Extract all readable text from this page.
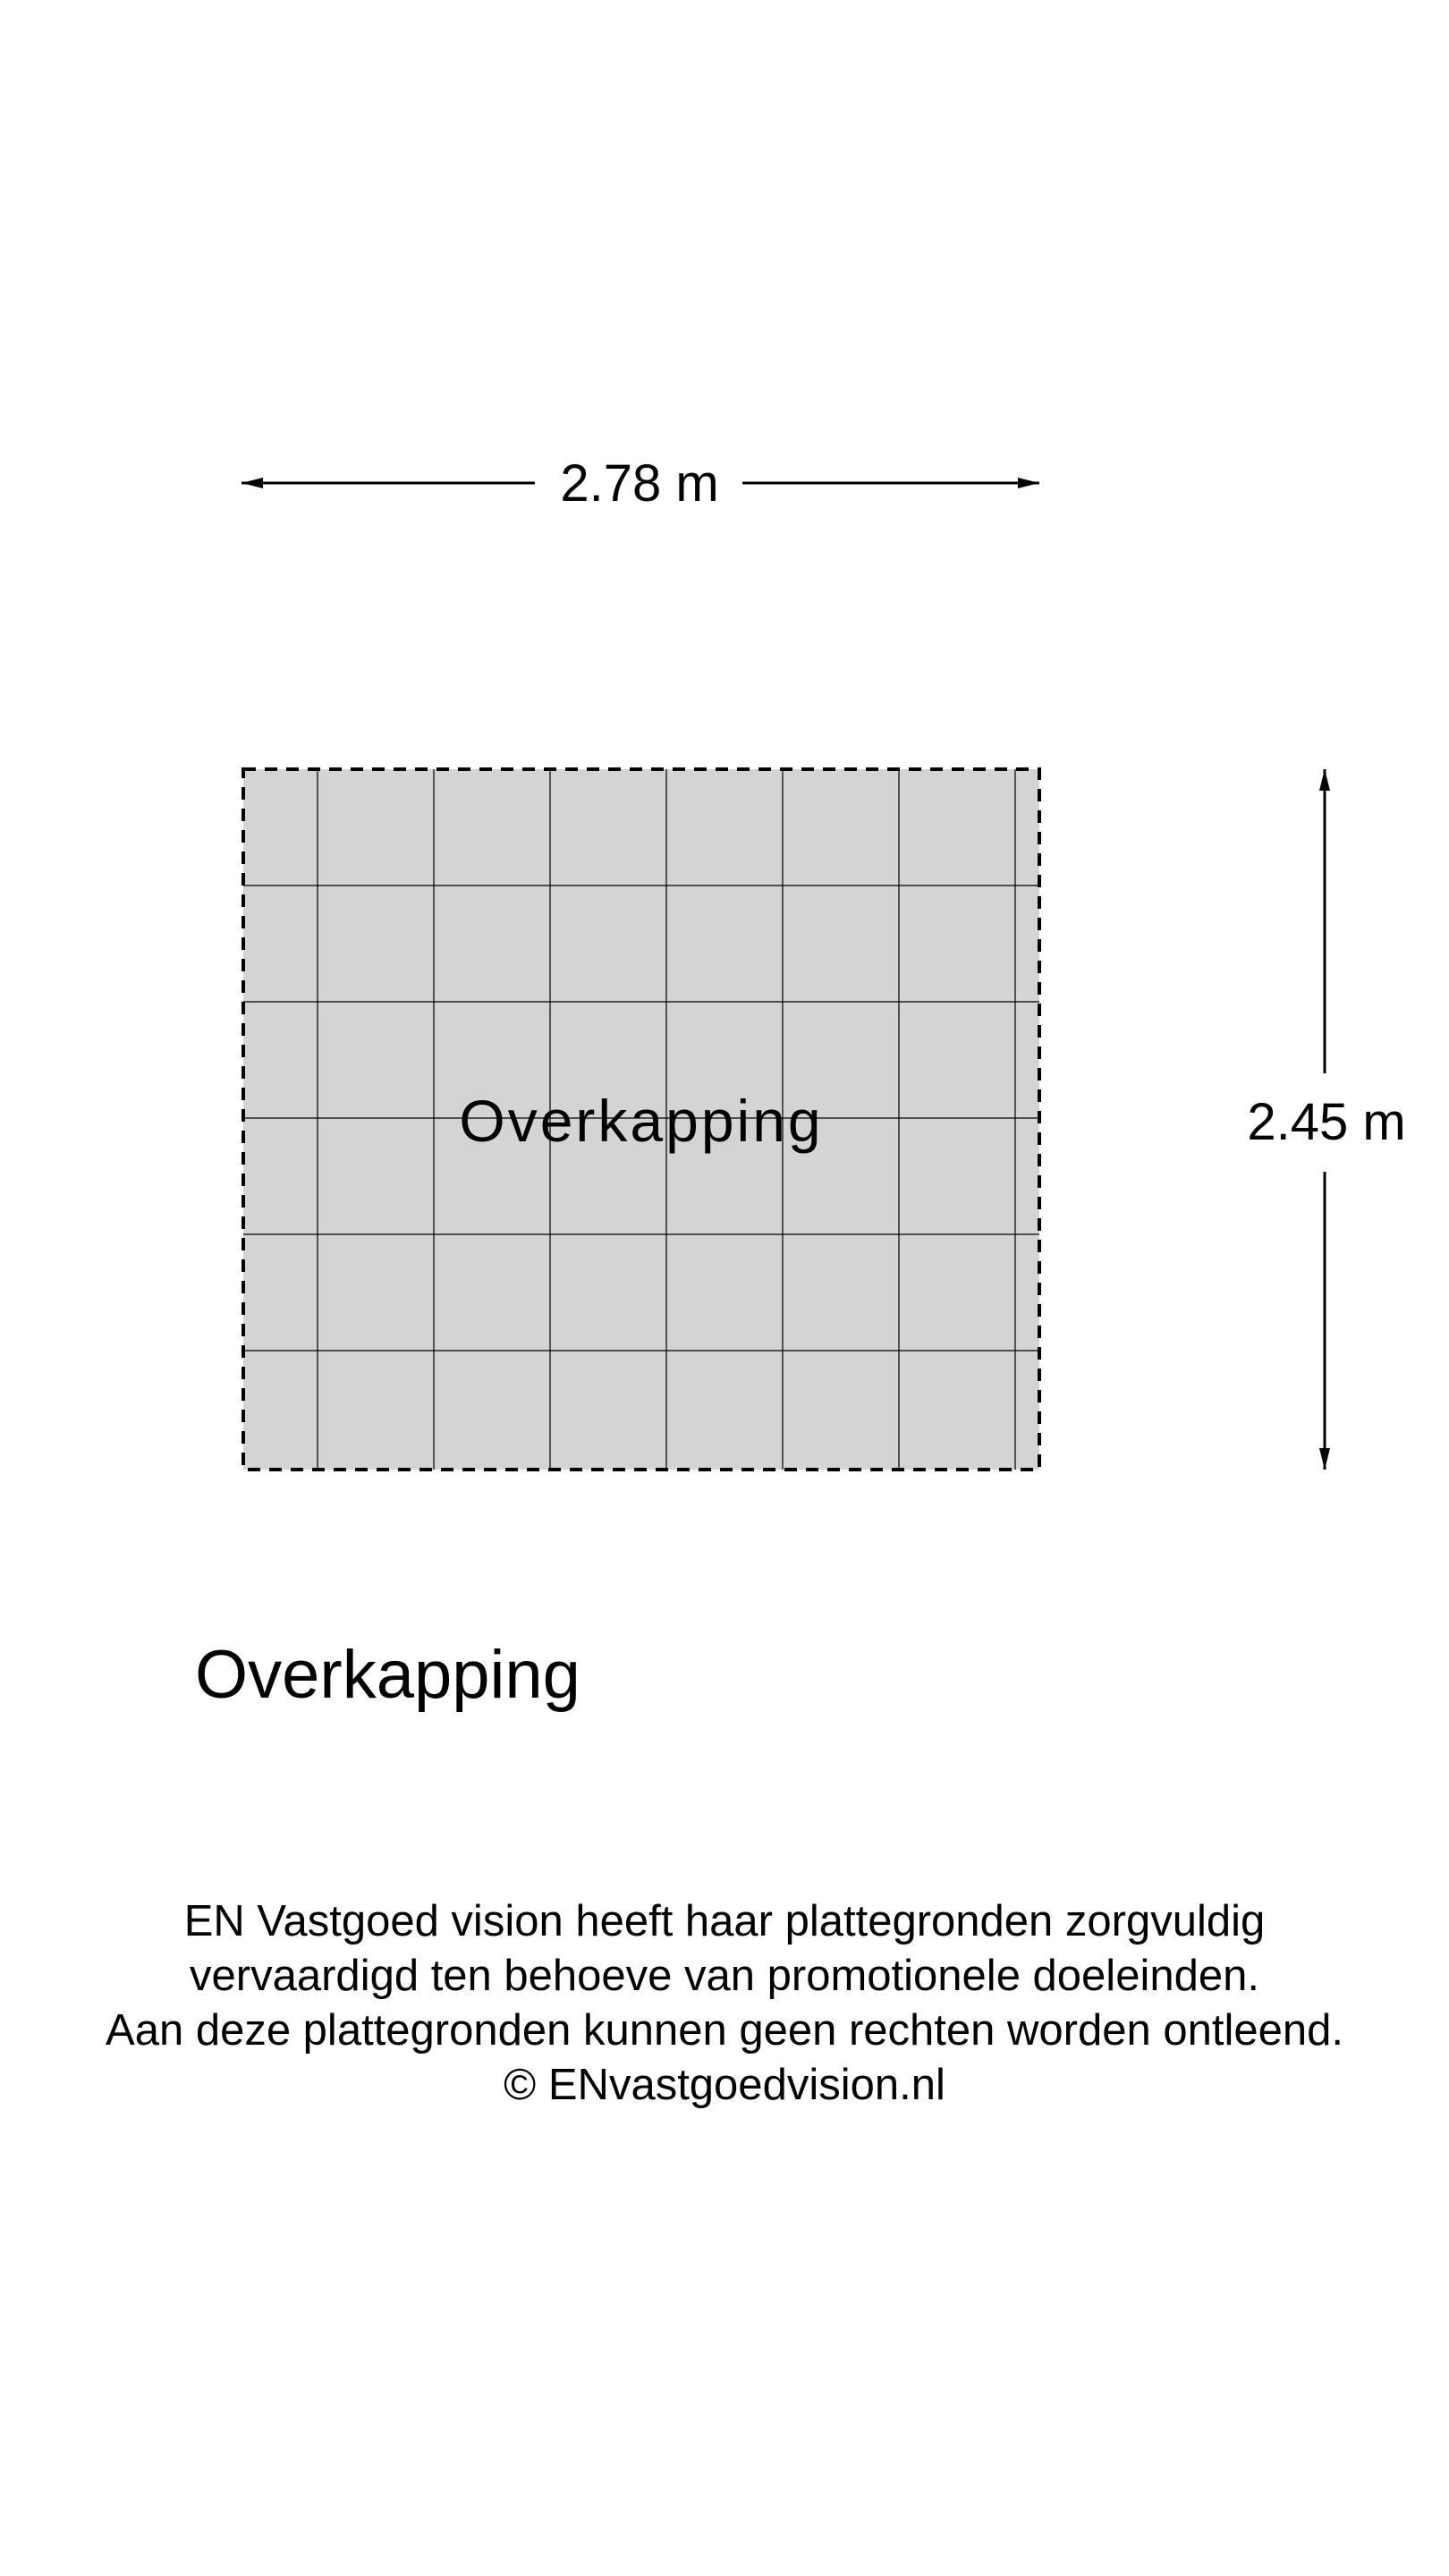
2.78 m
Overkapping	2.45 m
Overkapping
EN Vastgoed vision heeft haar plattegronden zorgvuldig
vervaardigd ten behoeve van promotionele doeleinden.
Aan deze plattegronden kunnen geen rechten worden ontleend.
© ENvastgoedvision.nl
